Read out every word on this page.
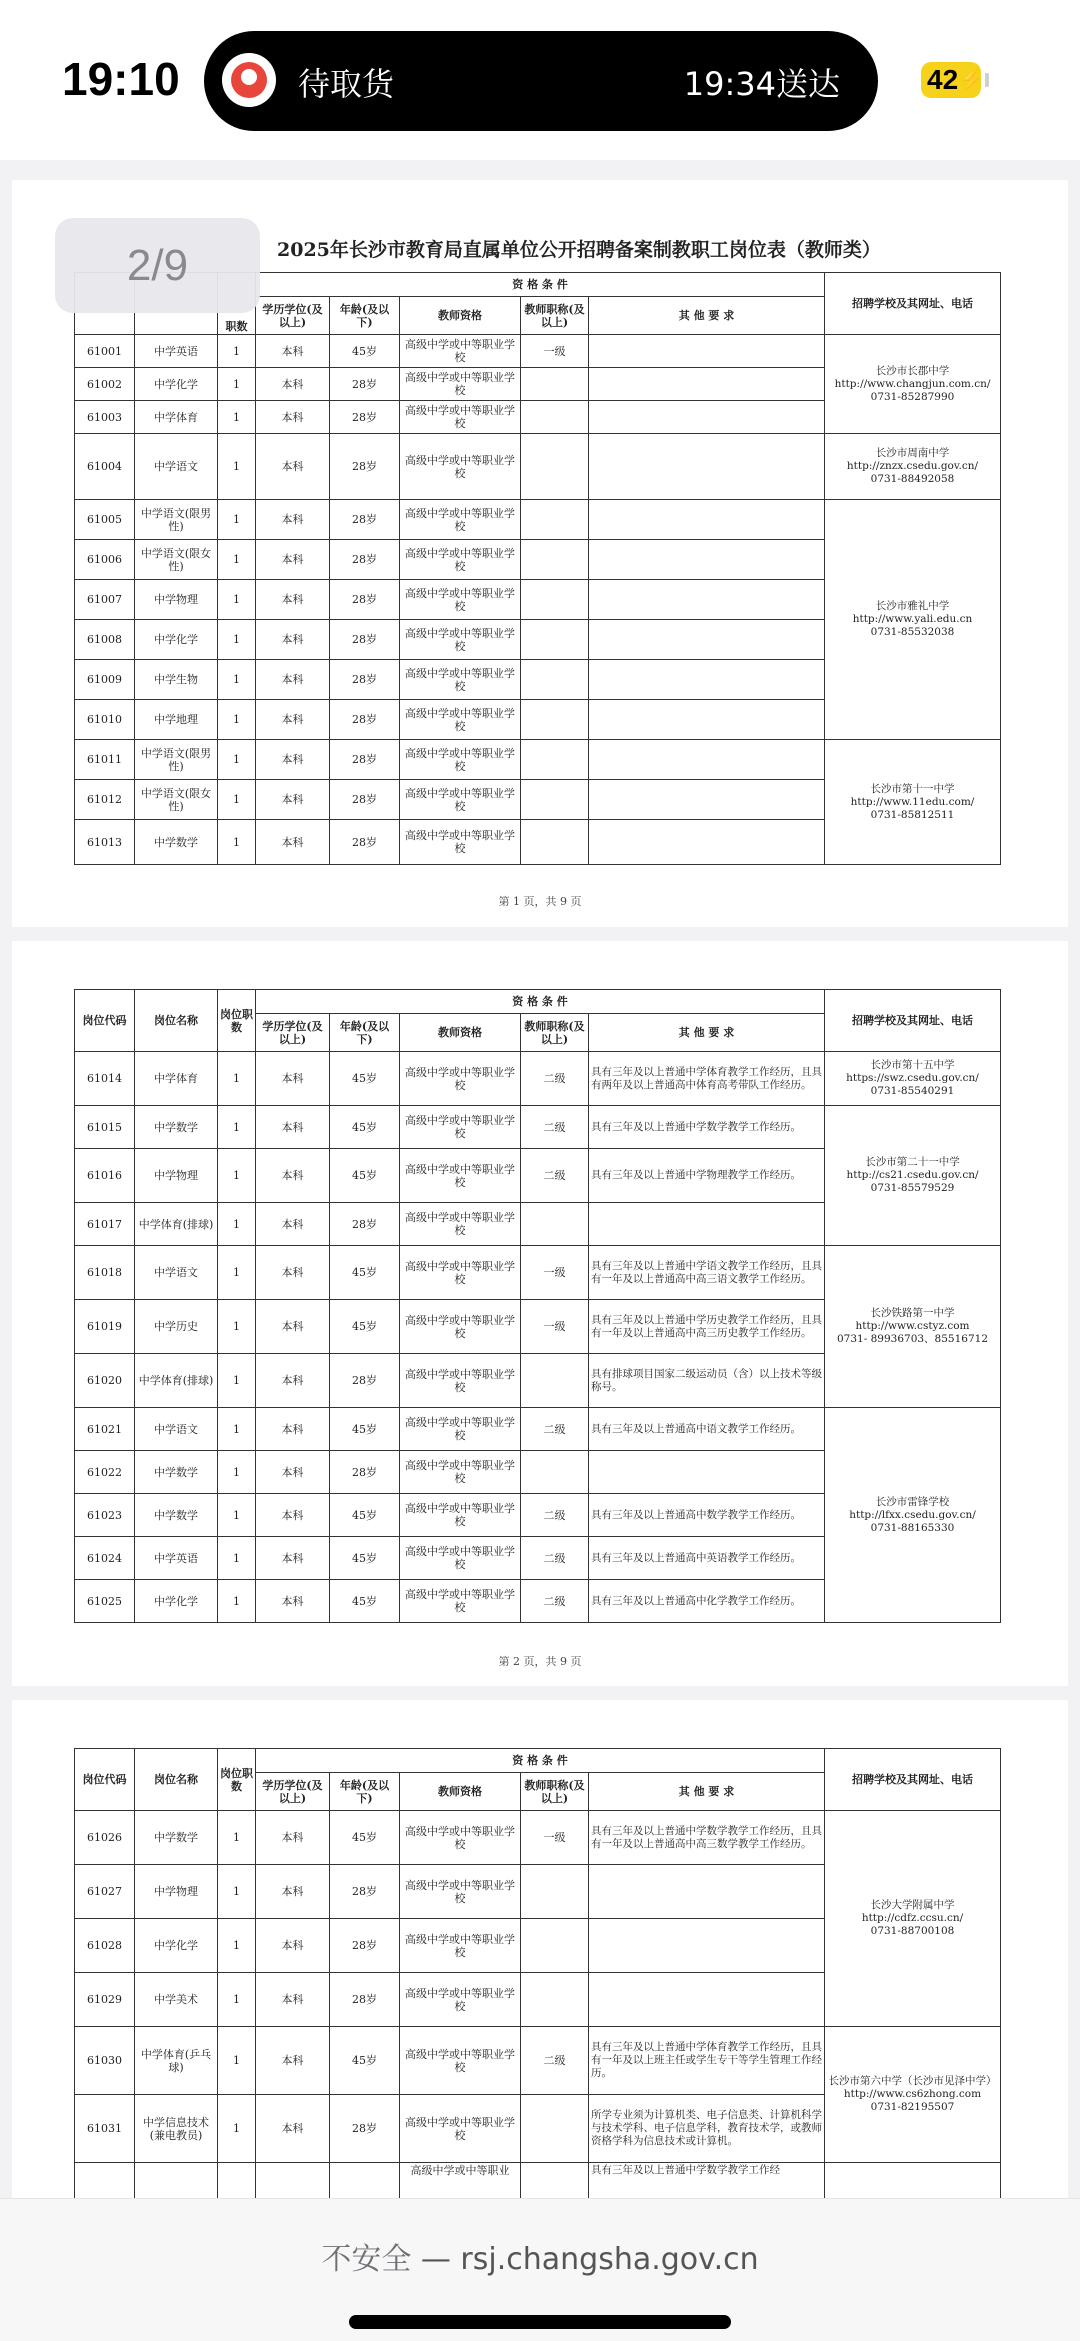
19:10	待取货	19:34送达	42 ⚡
2025年长沙市教育局直属单位公开招聘备案制教职工岗位表（教师类）
		职数	资 格 条 件					招聘学校及其网址、电话
			学历学位(及以上)	年龄(及以下)	教师资格	教师职称(及以上)	其 他 要 求	
61001	中学英语	1	本科	45岁	高级中学或中等职业学校	一级		长沙市长郡中学
http://www.changjun.com.cn/
0731-85287990

61002	中学化学	1	本科	28岁	高级中学或中等职业学校			
61003	中学体育	1	本科	28岁	高级中学或中等职业学校			
61004	中学语文	1	本科	28岁	高级中学或中等职业学校			长沙市周南中学
http://znzx.csedu.gov.cn/
0731-88492058

61005	中学语文(限男性)	1	本科	28岁	高级中学或中等职业学校			长沙市雅礼中学
http://www.yali.edu.cn
0731-85532038

61006	中学语文(限女性)	1	本科	28岁	高级中学或中等职业学校			
61007	中学物理	1	本科	28岁	高级中学或中等职业学校			
61008	中学化学	1	本科	28岁	高级中学或中等职业学校			
61009	中学生物	1	本科	28岁	高级中学或中等职业学校			
61010	中学地理	1	本科	28岁	高级中学或中等职业学校			
61011	中学语文(限男性)	1	本科	28岁	高级中学或中等职业学校			长沙市第十一中学
http://www.11edu.com/
0731-85812511

61012	中学语文(限女性)	1	本科	28岁	高级中学或中等职业学校			
61013	中学数学	1	本科	28岁	高级中学或中等职业学校			
第 1 页，共 9 页
岗位代码	岗位名称	岗位职数	资 格 条 件					招聘学校及其网址、电话
			学历学位(及以上)	年龄(及以下)	教师资格	教师职称(及以上)	其 他 要 求	
61014	中学体育	1	本科	45岁	高级中学或中等职业学校	二级	具有三年及以上普通中学体育教学工作经历，且具有两年及以上普通高中体育高考带队工作经历。	长沙市第十五中学
https://swz.csedu.gov.cn/
0731-85540291

61015	中学数学	1	本科	45岁	高级中学或中等职业学校	二级	具有三年及以上普通中学数学教学工作经历。	长沙市第二十一中学
http://cs21.csedu.gov.cn/
0731-85579529

61016	中学物理	1	本科	45岁	高级中学或中等职业学校	二级	具有三年及以上普通中学物理教学工作经历。	
61017	中学体育(排球)	1	本科	28岁	高级中学或中等职业学校			
61018	中学语文	1	本科	45岁	高级中学或中等职业学校	一级	具有三年及以上普通中学语文教学工作经历，且具有一年及以上普通高中高三语文教学工作经历。	长沙铁路第一中学
http://www.cstyz.com
0731- 89936703、85516712

61019	中学历史	1	本科	45岁	高级中学或中等职业学校	一级	具有三年及以上普通中学历史教学工作经历，且具有一年及以上普通高中高三历史教学工作经历。	
61020	中学体育(排球)	1	本科	28岁	高级中学或中等职业学校		具有排球项目国家二级运动员（含）以上技术等级称号。	
61021	中学语文	1	本科	45岁	高级中学或中等职业学校	二级	具有三年及以上普通高中语文教学工作经历。	长沙市雷锋学校
http://lfxx.csedu.gov.cn/
0731-88165330

61022	中学数学	1	本科	28岁	高级中学或中等职业学校			
61023	中学数学	1	本科	45岁	高级中学或中等职业学校	二级	具有三年及以上普通高中数学教学工作经历。	
61024	中学英语	1	本科	45岁	高级中学或中等职业学校	二级	具有三年及以上普通高中英语教学工作经历。	
61025	中学化学	1	本科	45岁	高级中学或中等职业学校	二级	具有三年及以上普通高中化学教学工作经历。	
第 2 页，共 9 页
岗位代码	岗位名称	岗位职数	资 格 条 件					招聘学校及其网址、电话
			学历学位(及以上)	年龄(及以下)	教师资格	教师职称(及以上)	其 他 要 求	
61026	中学数学	1	本科	45岁	高级中学或中等职业学校	一级	具有三年及以上普通中学数学教学工作经历，且具有一年及以上普通高中高三数学教学工作经历。	长沙大学附属中学
http://cdfz.ccsu.cn/
0731-88700108

61027	中学物理	1	本科	28岁	高级中学或中等职业学校			
61028	中学化学	1	本科	28岁	高级中学或中等职业学校			
61029	中学美术	1	本科	28岁	高级中学或中等职业学校			
61030	中学体育(乒乓球)	1	本科	45岁	高级中学或中等职业学校	二级	具有三年及以上普通中学体育教学工作经历，且具有一年及以上班主任或学生专干等学生管理工作经历。	长沙市第六中学（长沙市见泽中学）
http://www.cs6zhong.com
0731-82195507

61031	中学信息技术(兼电教员)	1	本科	28岁	高级中学或中等职业学校		所学专业须为计算机类、电子信息类、计算机科学与技术学科、电子信息学科，教育技术学，或教师资格学科为信息技术或计算机。	
					高级中学或中等职业		具有三年及以上普通中学数学教学工作经	
2/9
不安全 — rsj.changsha.gov.cn
